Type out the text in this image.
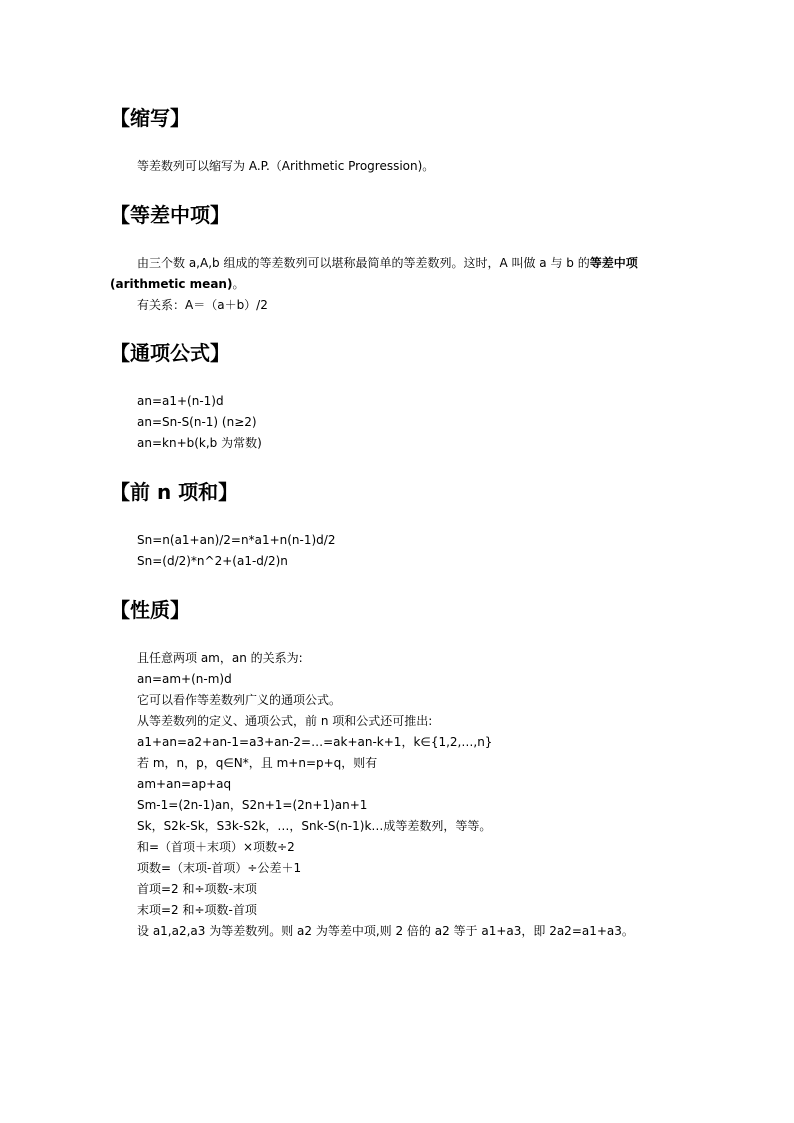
【缩写】

等差数列可以缩写为 A.P.（Arithmetic Progression)。

【等差中项】

由三个数 a,A,b 组成的等差数列可以堪称最简单的等差数列。这时，A 叫做 a 与 b 的等差中项(arithmetic mean)。

有关系：A＝（a＋b）/2

【通项公式】

an=a1+(n-1)d

an=Sn-S(n-1) (n≥2)

an=kn+b(k,b 为常数)

【前 n 项和】

Sn=n(a1+an)/2=n*a1+n(n-1)d/2

Sn=(d/2)*n^2+(a1-d/2)n

【性质】

且任意两项 am，an 的关系为:

an=am+(n-m)d

它可以看作等差数列广义的通项公式。

从等差数列的定义、通项公式，前 n 项和公式还可推出:

a1+an=a2+an-1=a3+an-2=…=ak+an-k+1，k∈{1,2,…,n}

若 m，n，p，q∈N*，且 m+n=p+q，则有

am+an=ap+aq

Sm-1=(2n-1)an，S2n+1=(2n+1)an+1

Sk，S2k-Sk，S3k-S2k，…，Snk-S(n-1)k…成等差数列，等等。

和=（首项＋末项）×项数÷2

项数=（末项-首项）÷公差＋1

首项=2 和÷项数-末项

末项=2 和÷项数-首项

设 a1,a2,a3 为等差数列。则 a2 为等差中项,则 2 倍的 a2 等于 a1+a3，即 2a2=a1+a3。
